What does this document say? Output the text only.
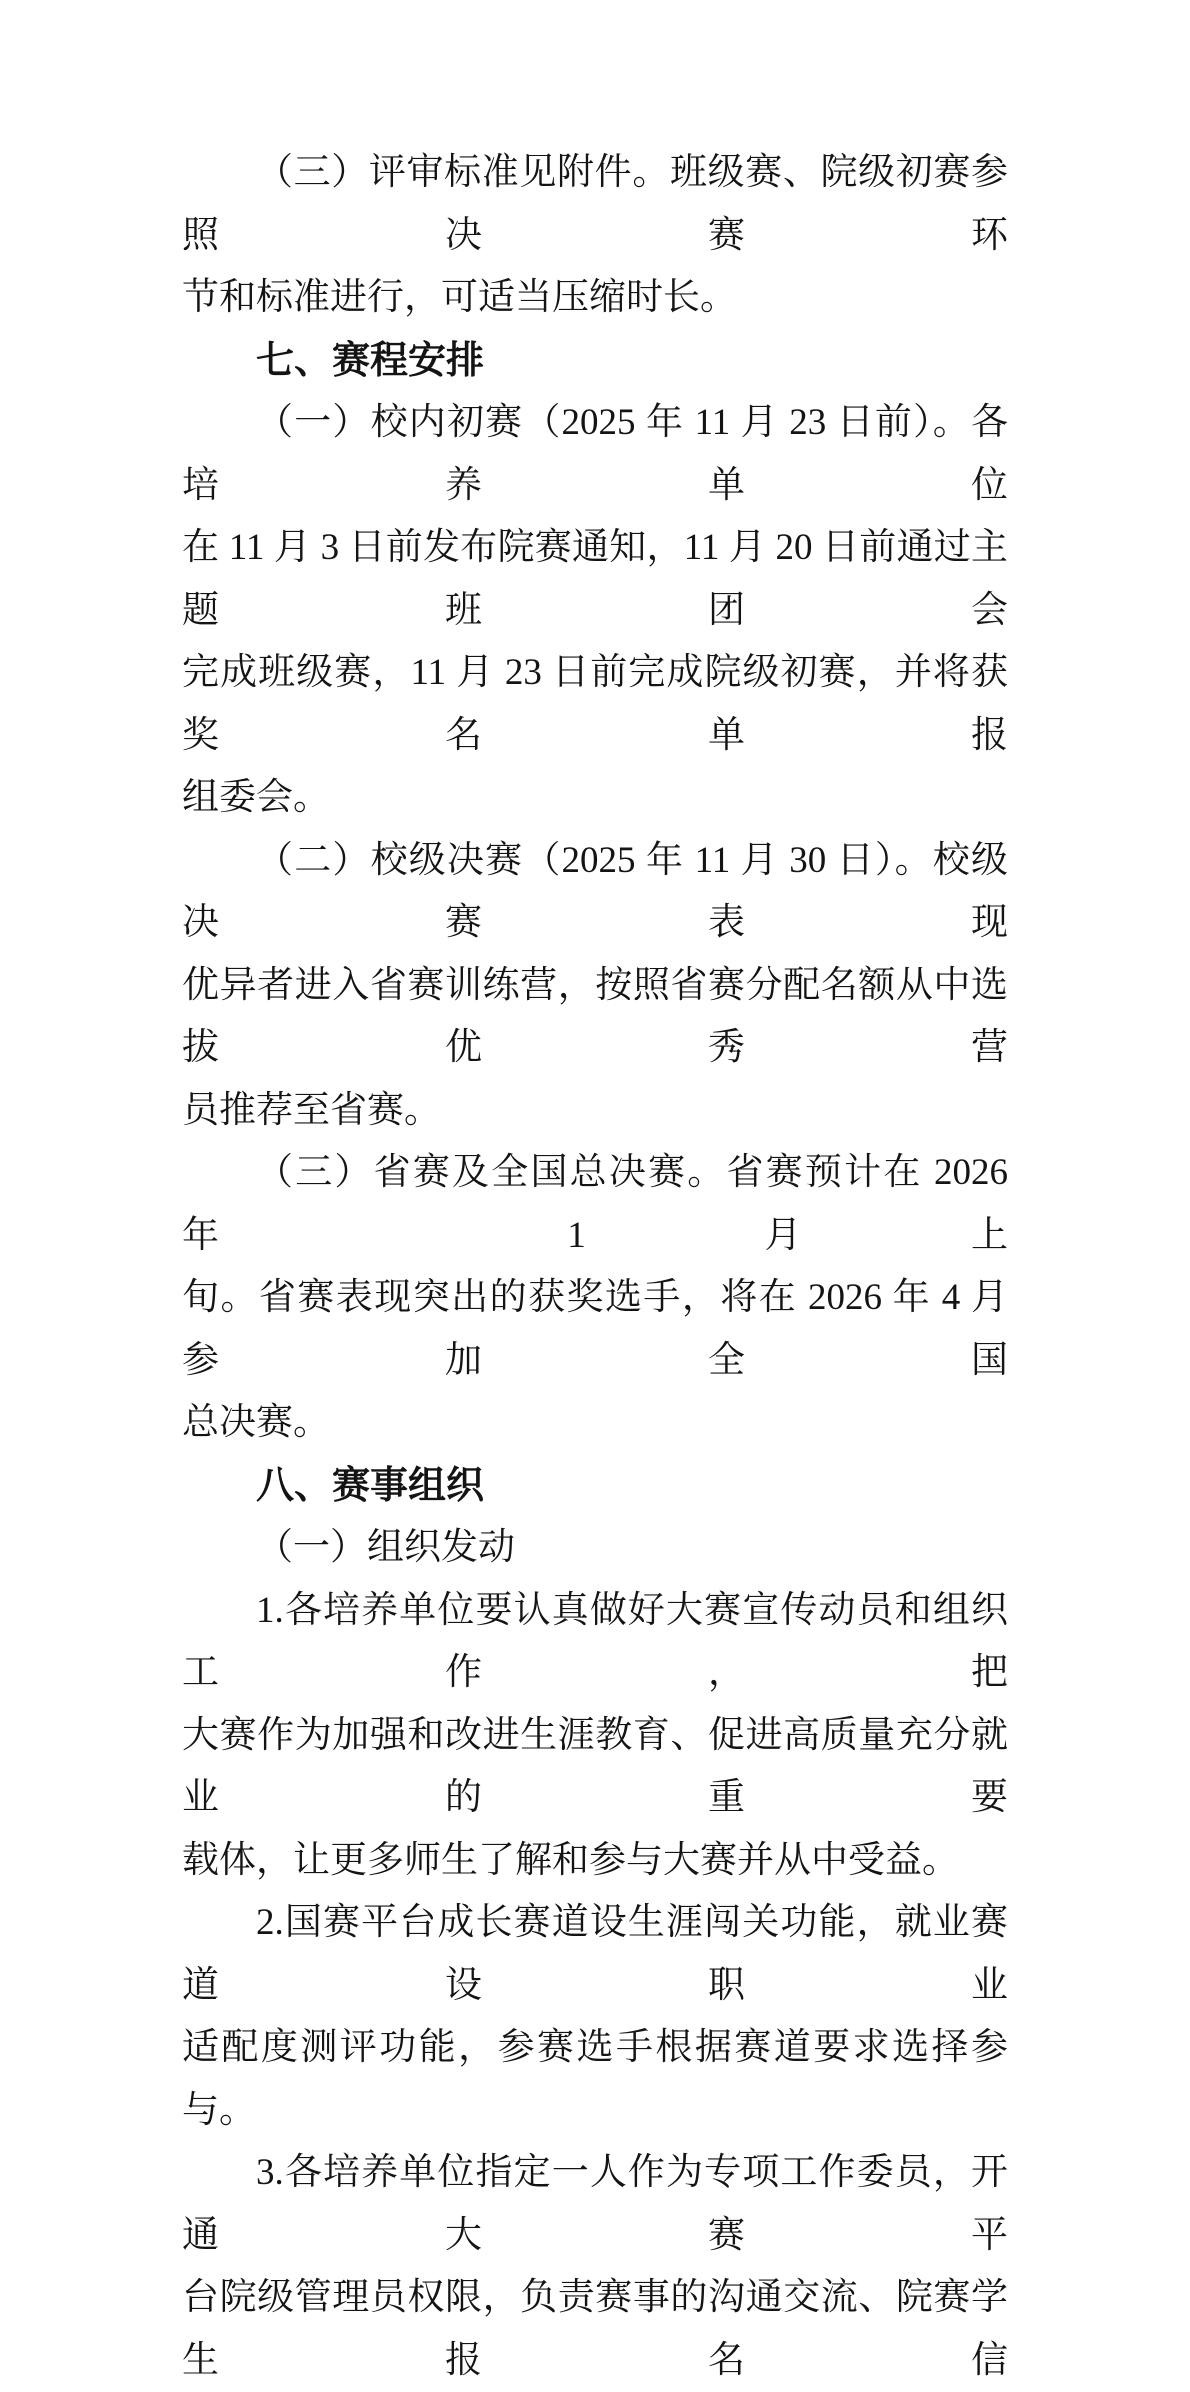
（三）评审标准见附件。班级赛、院级初赛参照决赛环
节和标准进行，可适当压缩时长。
七、赛程安排
（一）校内初赛（2025 年 11 月 23 日前）。各培养单位
在 11 月 3 日前发布院赛通知，11 月 20 日前通过主题班团会
完成班级赛，11 月 23 日前完成院级初赛，并将获奖名单报
组委会。
（二）校级决赛（2025 年 11 月 30 日）。校级决赛表现
优异者进入省赛训练营，按照省赛分配名额从中选拔优秀营
员推荐至省赛。
（三）省赛及全国总决赛。省赛预计在 2026 年 1 月上
旬。省赛表现突出的获奖选手，将在 2026 年 4 月参加全国
总决赛。
八、赛事组织
（一）组织发动
1.各培养单位要认真做好大赛宣传动员和组织工作，把
大赛作为加强和改进生涯教育、促进高质量充分就业的重要
载体，让更多师生了解和参与大赛并从中受益。
2.国赛平台成长赛道设生涯闯关功能，就业赛道设职业
适配度测评功能，参赛选手根据赛道要求选择参与。
3.各培养单位指定一人作为专项工作委员，开通大赛平
台院级管理员权限，负责赛事的沟通交流、院赛学生报名信
